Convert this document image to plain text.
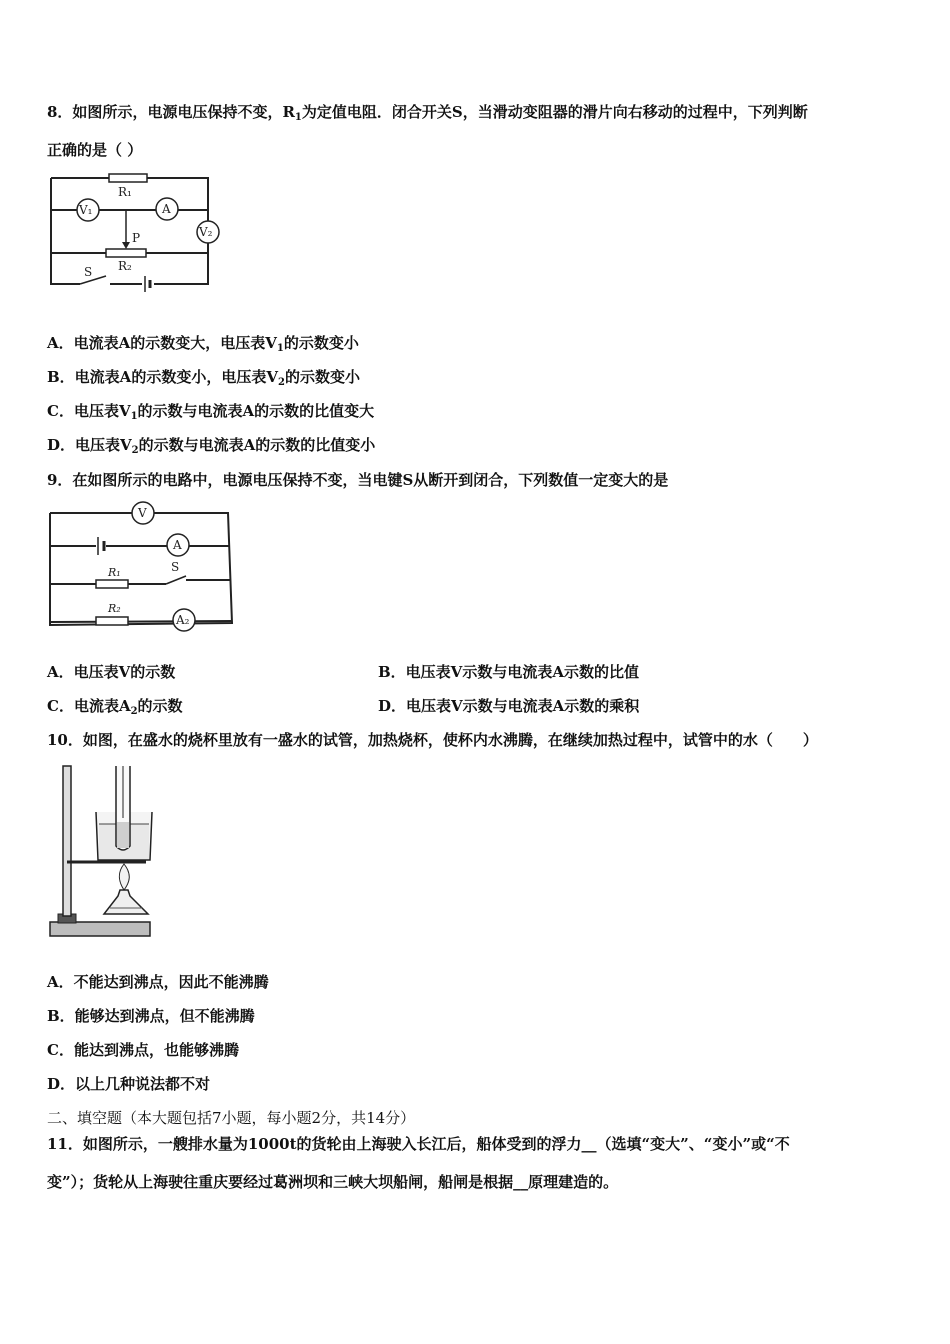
8．如图所示，电源电压保持不变，$R_1$为定值电阻．闭合开关S，当滑动变阻器的滑片向右移动的过程中，下列判断
正确的是（ ）
R₁
V₁	A
V₂
P
R₂
S
A．电流表A的示数变大，电压表$V_1$的示数变小
B．电流表A的示数变小，电压表$V_2$的示数变小
C．电压表$V_1$的示数与电流表A的示数的比值变大
D．电压表$V_2$的示数与电流表A的示数的比值变小
9．在如图所示的电路中，电源电压保持不变，当电键S从断开到闭合，下列数值一定变大的是
V
A
R₁	S
R₂
A₂
A．电压表V的示数	B．电压表V示数与电流表A示数的比值
C．电流表$A_2$的示数	D．电压表V示数与电流表A示数的乘积
10．如图，在盛水的烧杯里放有一盛水的试管，加热烧杯，使杯内水沸腾，在继续加热过程中，试管中的水（　　）
A．不能达到沸点，因此不能沸腾
B．能够达到沸点，但不能沸腾
C．能达到沸点，也能够沸腾
D．以上几种说法都不对
二、填空题（本大题包括7小题，每小题2分，共14分）
11．如图所示，一艘排水量为1000t的货轮由上海驶入长江后，船体受到的浮力__（选填“变大”、“变小”或“不
变”）；货轮从上海驶往重庆要经过葛洲坝和三峡大坝船闸，船闸是根据__原理建造的。
